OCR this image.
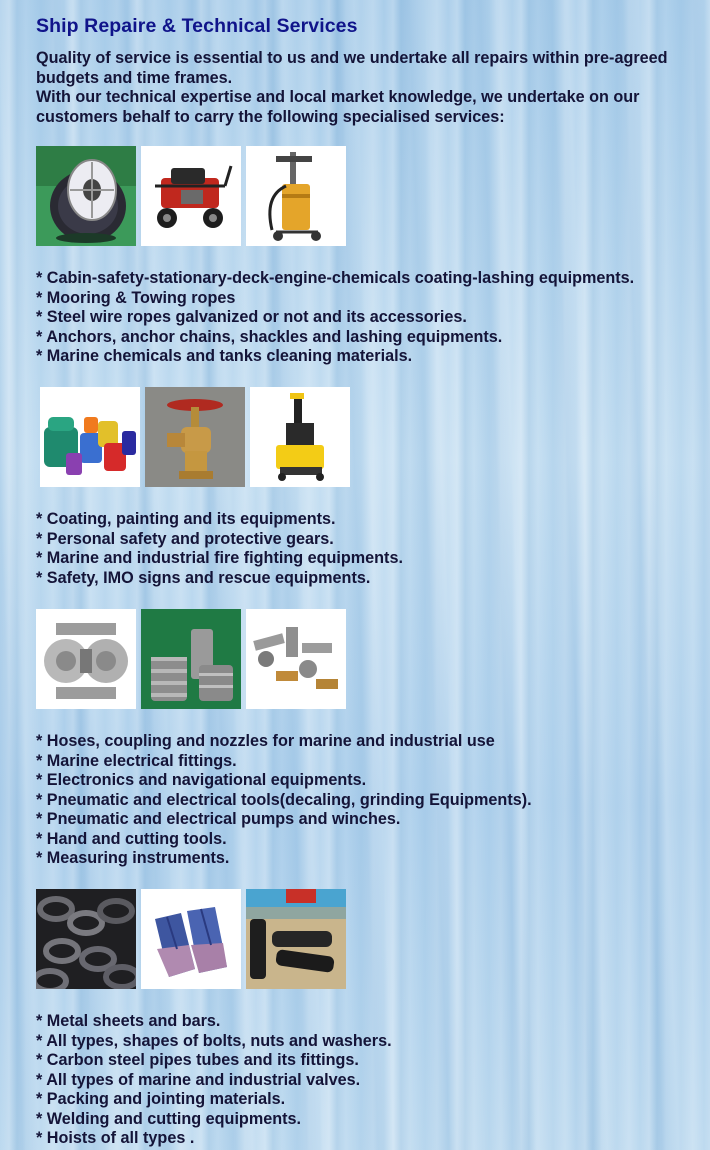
Ship Repaire & Technical Services

Quality of service is essential to us and we undertake all repairs within pre-agreed budgets and time frames.

With our technical expertise and local market knowledge, we undertake on our customers behalf to carry the following specialised services:

* Cabin-safety-stationary-deck-engine-chemicals coating-lashing equipments.
* Mooring & Towing ropes
* Steel wire ropes galvanized or not and its accessories.
* Anchors, anchor chains, shackles and lashing equipments.
* Marine chemicals and tanks cleaning materials.
* Coating, painting and its equipments.
* Personal safety and protective gears.
* Marine and industrial fire fighting equipments.
* Safety, IMO signs and rescue equipments.
* Hoses, coupling and nozzles for marine and industrial use
* Marine electrical fittings.
* Electronics and navigational equipments.
* Pneumatic and electrical tools(decaling, grinding Equipments).
* Pneumatic and electrical pumps and winches.
* Hand and cutting tools.
* Measuring instruments.
* Metal sheets and bars.
* All types, shapes of bolts, nuts and washers.
* Carbon steel pipes tubes and its fittings.
* All types of marine and industrial valves.
* Packing and jointing materials.
* Welding and cutting equipments.
* Hoists of all types .
